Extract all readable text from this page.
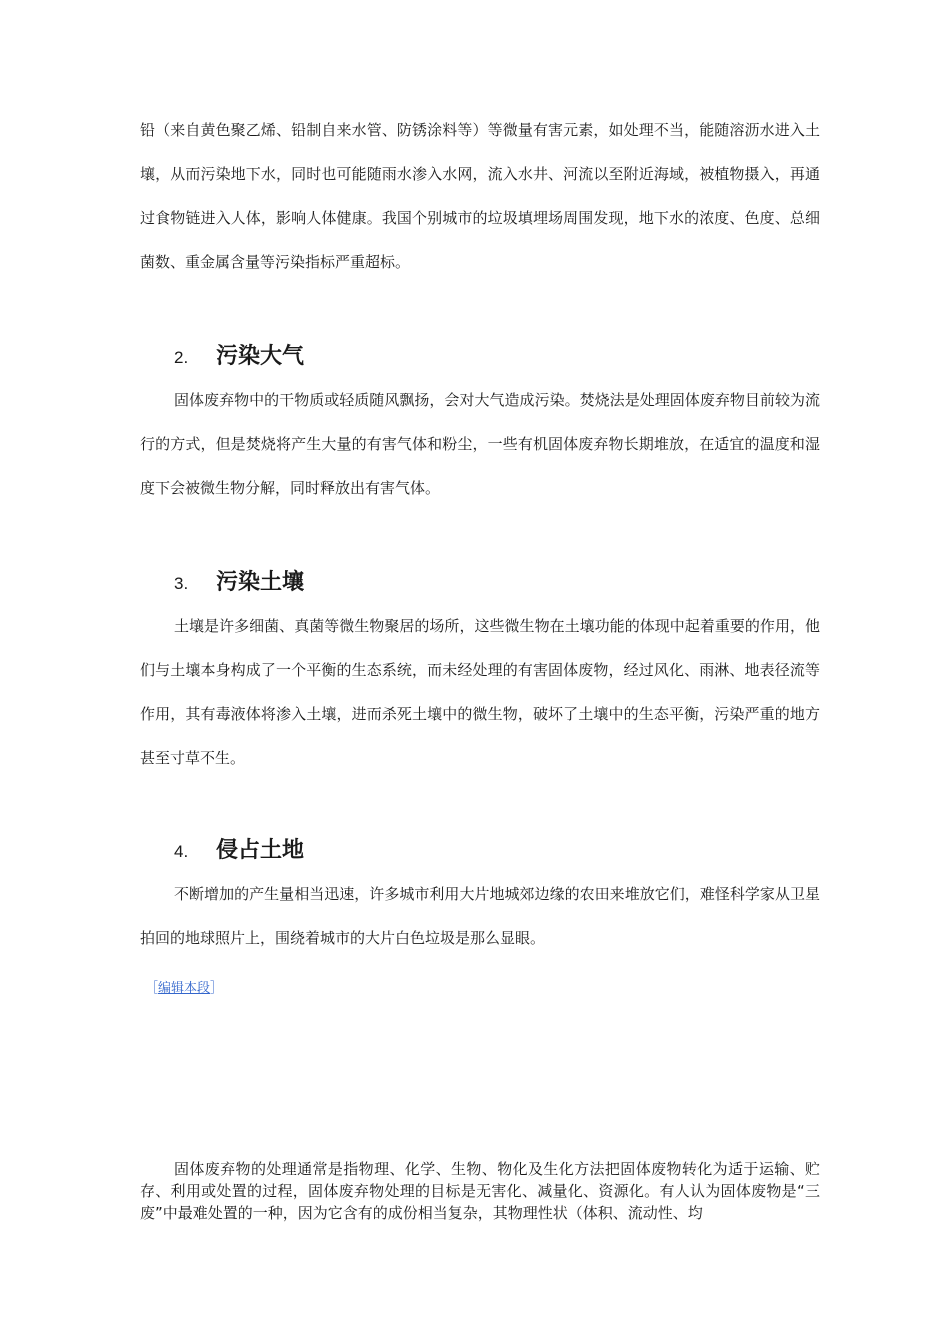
铅（来自黄色聚乙烯、铅制自来水管、防锈涂料等）等微量有害元素，如处理不当，能随溶沥水进入土壤，从而污染地下水，同时也可能随雨水渗入水网，流入水井、河流以至附近海域，被植物摄入，再通过食物链进入人体，影响人体健康。我国个别城市的垃圾填埋场周围发现，地下水的浓度、色度、总细菌数、重金属含量等污染指标严重超标。

2.	污染大气

固体废弃物中的干物质或轻质随风飘扬，会对大气造成污染。焚烧法是处理固体废弃物目前较为流行的方式，但是焚烧将产生大量的有害气体和粉尘，一些有机固体废弃物长期堆放，在适宜的温度和湿度下会被微生物分解，同时释放出有害气体。

3.	污染土壤

土壤是许多细菌、真菌等微生物聚居的场所，这些微生物在土壤功能的体现中起着重要的作用，他们与土壤本身构成了一个平衡的生态系统，而未经处理的有害固体废物，经过风化、雨淋、地表径流等作用，其有毒液体将渗入土壤，进而杀死土壤中的微生物，破坏了土壤中的生态平衡，污染严重的地方甚至寸草不生。

4.	侵占土地

不断增加的产生量相当迅速，许多城市利用大片地城郊边缘的农田来堆放它们，难怪科学家从卫星拍回的地球照片上，围绕着城市的大片白色垃圾是那么显眼。

［编辑本段］

固体废弃物的处理通常是指物理、化学、生物、物化及生化方法把固体废物转化为适于运输、贮存、利用或处置的过程，固体废弃物处理的目标是无害化、减量化、资源化。有人认为固体废物是“三废”中最难处置的一种，因为它含有的成份相当复杂，其物理性状（体积、流动性、均
